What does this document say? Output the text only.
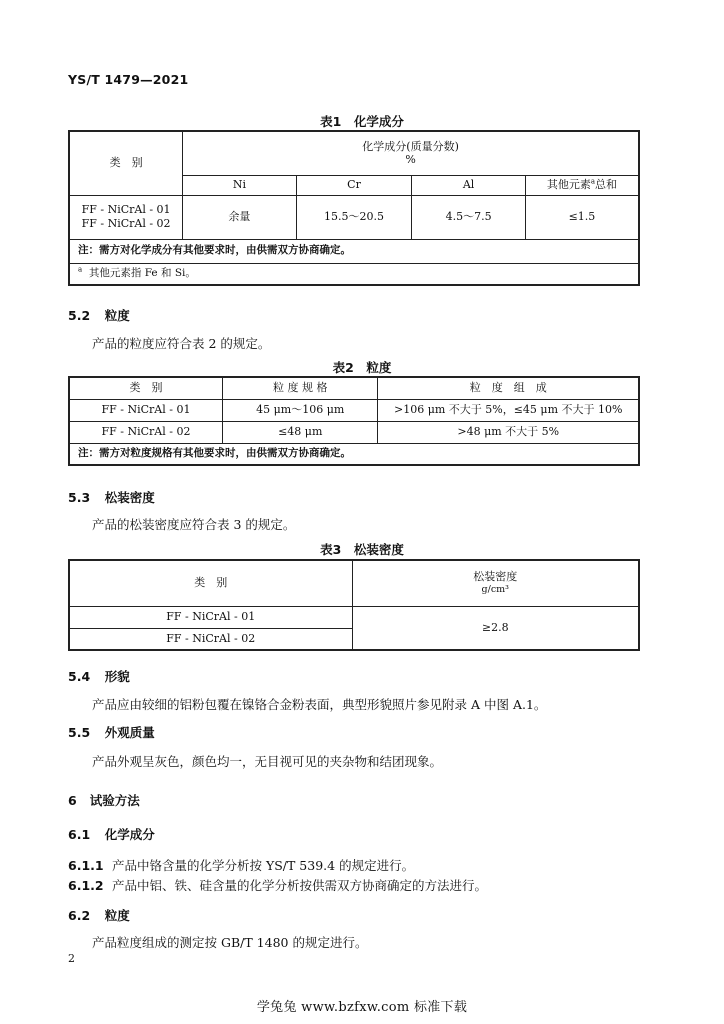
YS/T 1479—2021
表1　化学成分
类　别	化学成分(质量分数)
%			

	Ni	Cr	Al	其他元素$^a$总和

FF - NiCrAl - 01
FF - NiCrAl - 02	余量	15.5～20.5	4.5～7.5	≤1.5
注：需方对化学成分有其他要求时，由供需双方协商确定。				
$^a$ 其他元素指 Fe 和 Si。				
5.2 粒度
产品的粒度应符合表 2 的规定。
表2　粒度
类　别	粒 度 规 格	粒　度　组　成
FF - NiCrAl - 01	45 μm～106 μm	>106 μm 不大于 5%，≤45 μm 不大于 10%
FF - NiCrAl - 02	≤48 μm	>48 μm 不大于 5%
注：需方对粒度规格有其他要求时，由供需双方协商确定。		
5.3 松装密度
产品的松装密度应符合表 3 的规定。
表3　松装密度
类　别	松装密度
g/cm³

FF - NiCrAl - 01	≥2.8
FF - NiCrAl - 02	
5.4 形貌
产品应由较细的铝粉包覆在镍铬合金粉表面，典型形貌照片参见附录 A 中图 A.1。
5.5 外观质量
产品外观呈灰色，颜色均一，无目视可见的夹杂物和结团现象。
6 试验方法
6.1 化学成分
6.1.1 产品中铬含量的化学分析按 YS/T 539.4 的规定进行。
6.1.2 产品中铝、铁、硅含量的化学分析按供需双方协商确定的方法进行。
6.2 粒度
产品粒度组成的测定按 GB/T 1480 的规定进行。
2
学兔兔 www.bzfxw.com 标准下载
